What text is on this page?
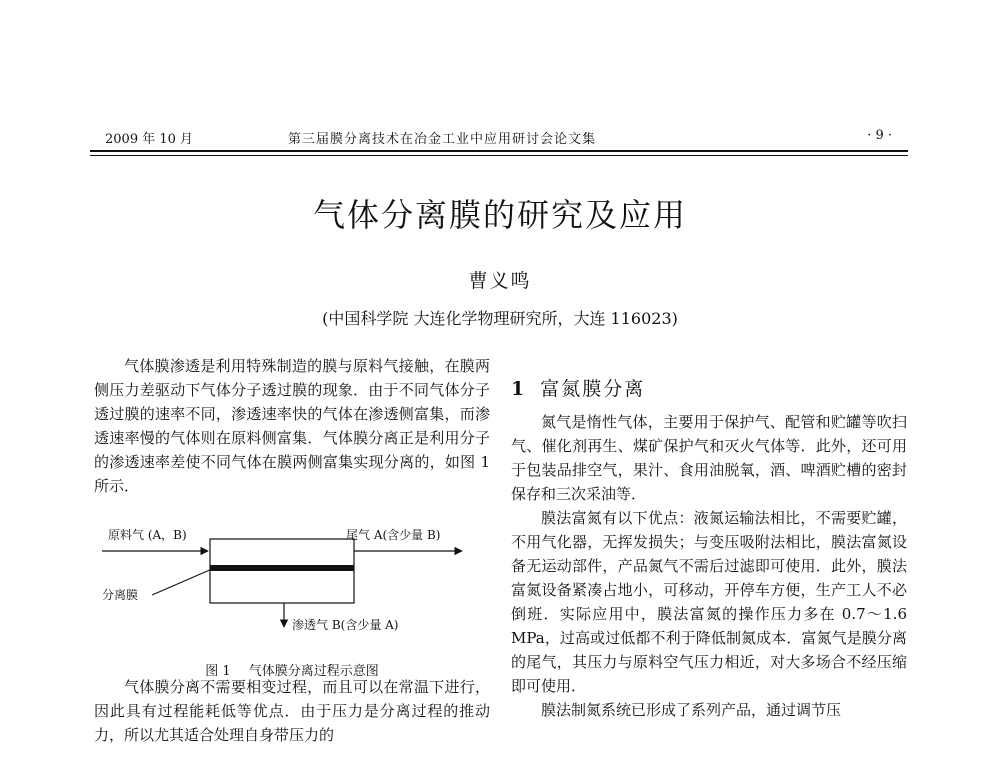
2009 年 10 月	第三届膜分离技术在冶金工业中应用研讨会论文集	· 9 ·
气体分离膜的研究及应用
曹义鸣
(中国科学院 大连化学物理研究所，大连 116023)

气体膜渗透是利用特殊制造的膜与原料气接触，在膜两侧压力差驱动下气体分子透过膜的现象．由于不同气体分子透过膜的速率不同，渗透速率快的气体在渗透侧富集，而渗透速率慢的气体则在原料侧富集．气体膜分离正是利用分子的渗透速率差使不同气体在膜两侧富集实现分离的，如图 1 所示．

原料气 (A，B)	尾气 A(含少量 B)
分离膜
渗透气 B(含少量 A)
图 1 气体膜分离过程示意图

气体膜分离不需要相变过程，而且可以在常温下进行，因此具有过程能耗低等优点．由于压力是分离过程的推动力，所以尤其适合处理自身带压力的

1 富氮膜分离

氮气是惰性气体，主要用于保护气、配管和贮罐等吹扫气、催化剂再生、煤矿保护气和灭火气体等．此外，还可用于包装品排空气，果汁、食用油脱氧，酒、啤酒贮槽的密封保存和三次采油等．

膜法富氮有以下优点：液氮运输法相比，不需要贮罐，不用气化器，无挥发损失；与变压吸附法相比，膜法富氮设备无运动部件，产品氮气不需后过滤即可使用．此外，膜法富氮设备紧凑占地小，可移动，开停车方便，生产工人不必倒班．实际应用中，膜法富氮的操作压力多在 0.7～1.6 MPa，过高或过低都不利于降低制氮成本．富氮气是膜分离的尾气，其压力与原料空气压力相近，对大多场合不经压缩即可使用．

膜法制氮系统已形成了系列产品，通过调节压
